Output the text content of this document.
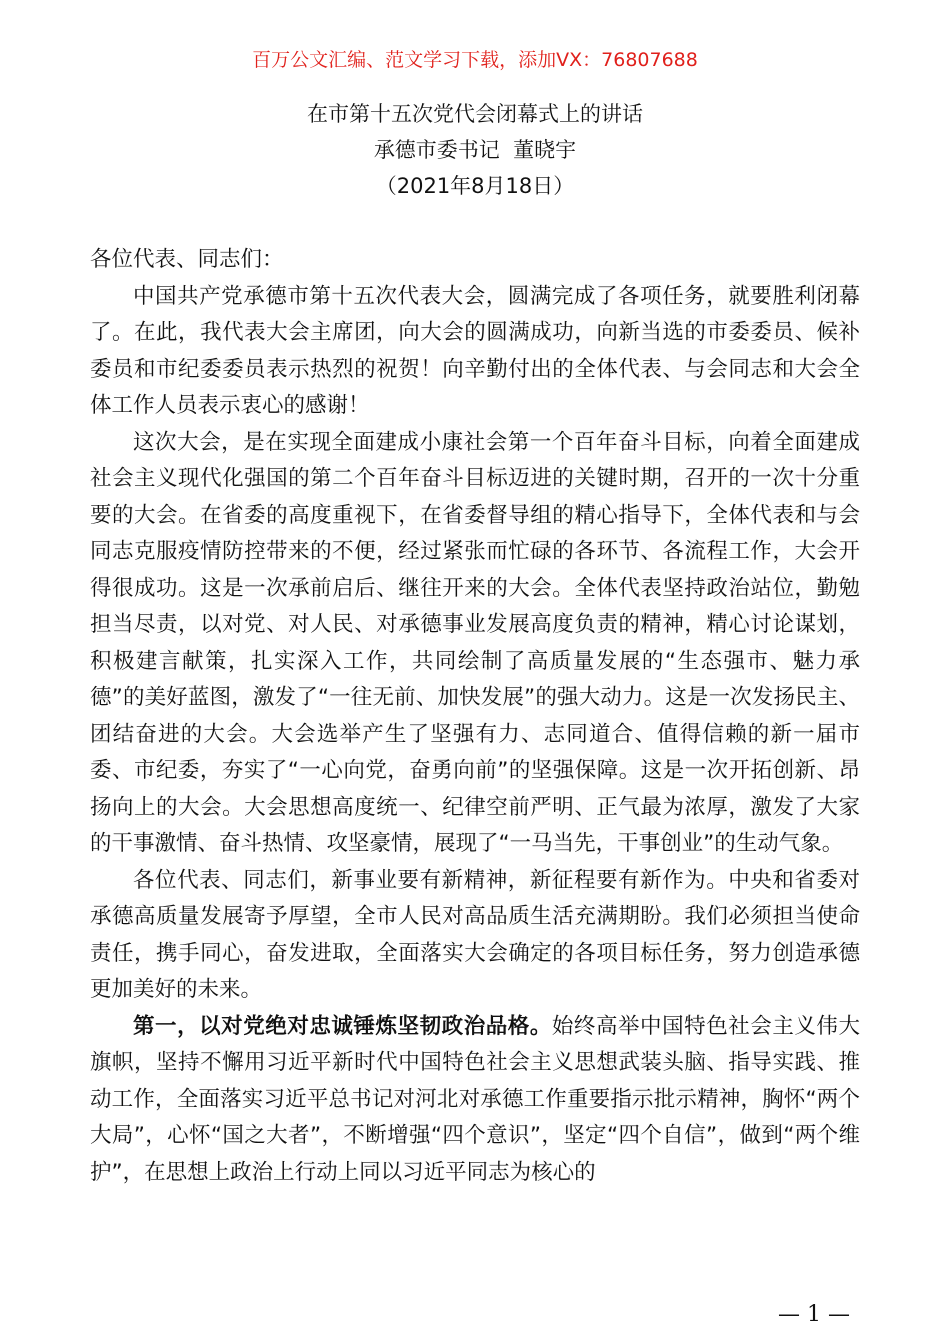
百万公文汇编、范文学习下载，添加VX：76807688
在市第十五次党代会闭幕式上的讲话
承德市委书记  董晓宇
（2021年8月18日）

各位代表、同志们：

中国共产党承德市第十五次代表大会，圆满完成了各项任务，就要胜利闭幕了。在此，我代表大会主席团，向大会的圆满成功，向新当选的市委委员、候补委员和市纪委委员表示热烈的祝贺！向辛勤付出的全体代表、与会同志和大会全体工作人员表示衷心的感谢！

这次大会，是在实现全面建成小康社会第一个百年奋斗目标，向着全面建成社会主义现代化强国的第二个百年奋斗目标迈进的关键时期，召开的一次十分重要的大会。在省委的高度重视下，在省委督导组的精心指导下，全体代表和与会同志克服疫情防控带来的不便，经过紧张而忙碌的各环节、各流程工作，大会开得很成功。这是一次承前启后、继往开来的大会。全体代表坚持政治站位，勤勉担当尽责，以对党、对人民、对承德事业发展高度负责的精神，精心讨论谋划，积极建言献策，扎实深入工作，共同绘制了高质量发展的“生态强市、魅力承德”的美好蓝图，激发了“一往无前、加快发展”的强大动力。这是一次发扬民主、团结奋进的大会。大会选举产生了坚强有力、志同道合、值得信赖的新一届市委、市纪委，夯实了“一心向党，奋勇向前”的坚强保障。这是一次开拓创新、昂扬向上的大会。大会思想高度统一、纪律空前严明、正气最为浓厚，激发了大家的干事激情、奋斗热情、攻坚豪情，展现了“一马当先，干事创业”的生动气象。

各位代表、同志们，新事业要有新精神，新征程要有新作为。中央和省委对承德高质量发展寄予厚望，全市人民对高品质生活充满期盼。我们必须担当使命责任，携手同心，奋发进取，全面落实大会确定的各项目标任务，努力创造承德更加美好的未来。

第一，以对党绝对忠诚锤炼坚韧政治品格。始终高举中国特色社会主义伟大旗帜，坚持不懈用习近平新时代中国特色社会主义思想武装头脑、指导实践、推动工作，全面落实习近平总书记对河北对承德工作重要指示批示精神，胸怀“两个大局”，心怀“国之大者”，不断增强“四个意识”，坚定“四个自信”，做到“两个维护”，在思想上政治上行动上同以习近平同志为核心的

— 1 —
